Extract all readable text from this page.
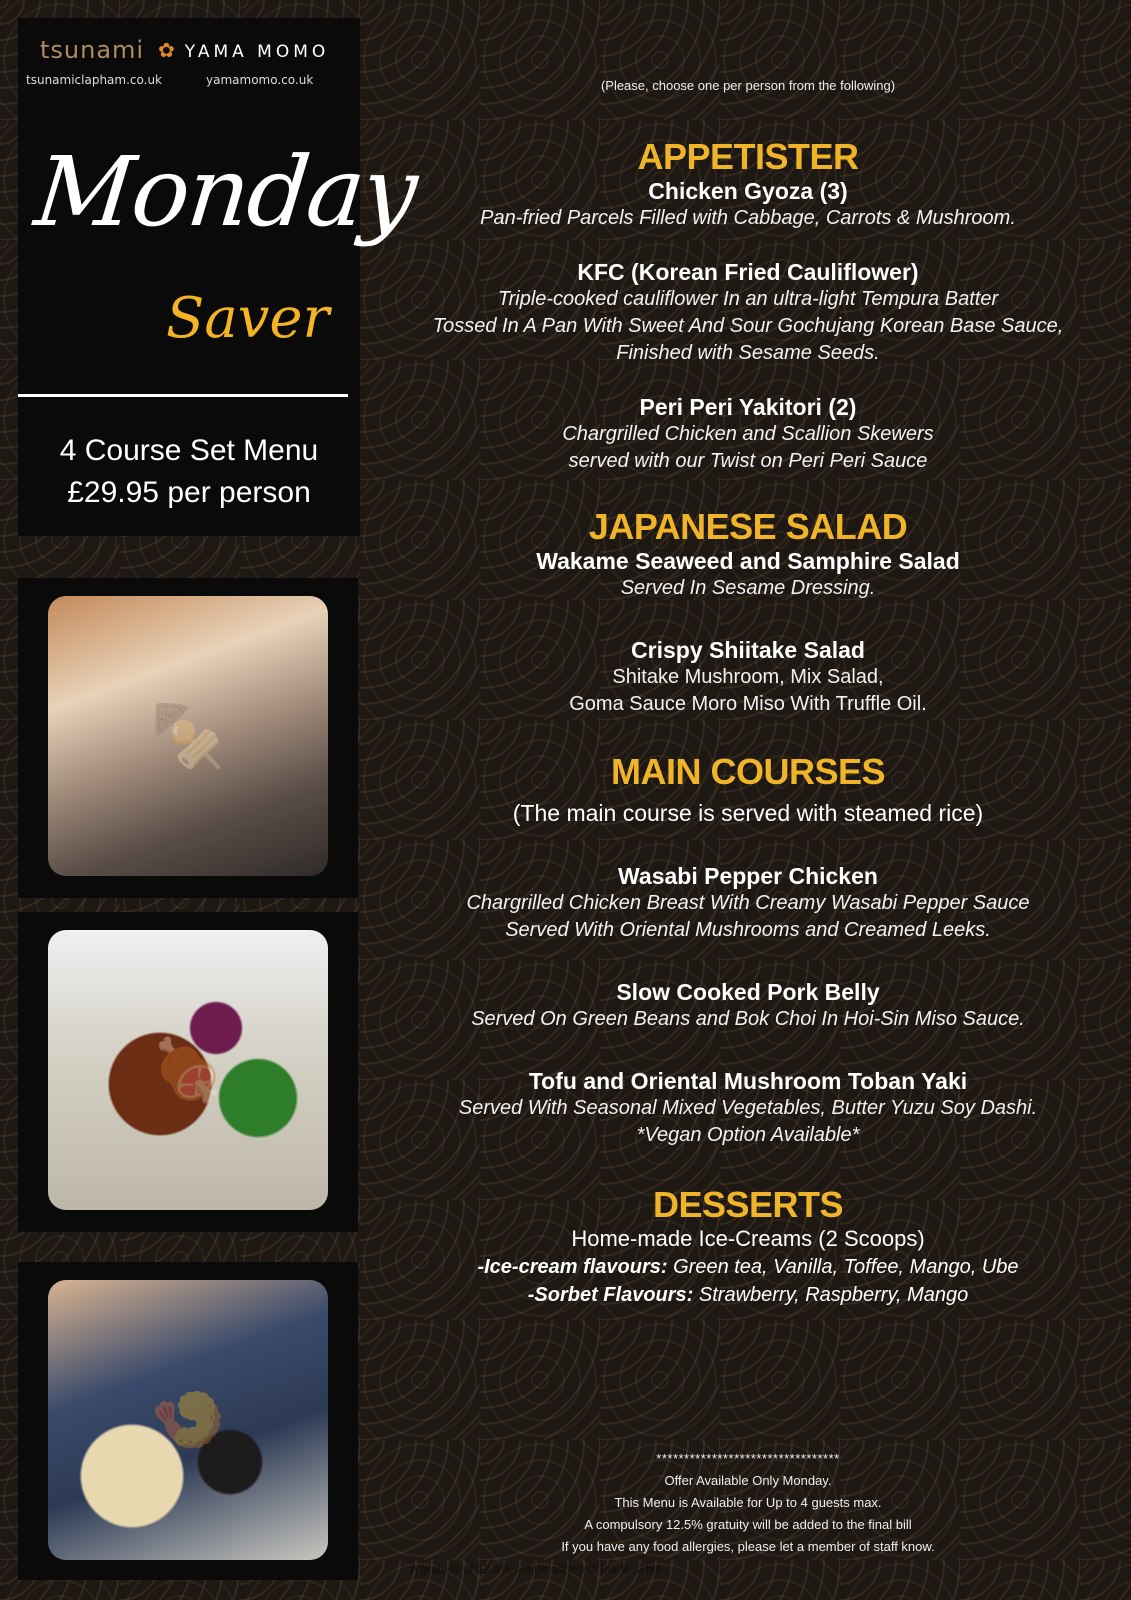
tsunami ✿ YAMA MOMO
tsunamiclapham.co.uk	yamamomo.co.uk
Monday
Saver
4 Course Set Menu
£29.95 per person
🍢
🍖
🍤
(Please, choose one per person from the following)
APPETISTER
Chicken Gyoza (3)
Pan-fried Parcels Filled with Cabbage, Carrots & Mushroom.
KFC (Korean Fried Cauliflower)
Triple-cooked cauliflower In an ultra-light Tempura Batter
Tossed In A Pan With Sweet And Sour Gochujang Korean Base Sauce,
Finished with Sesame Seeds.
Peri Peri Yakitori (2)
Chargrilled Chicken and Scallion Skewers
served with our Twist on Peri Peri Sauce
JAPANESE SALAD
Wakame Seaweed and Samphire Salad
Served In Sesame Dressing.
Crispy Shiitake Salad
Shitake Mushroom, Mix Salad,
Goma Sauce Moro Miso With Truffle Oil.
MAIN COURSES
(The main course is served with steamed rice)
Wasabi Pepper Chicken
Chargrilled Chicken Breast With Creamy Wasabi Pepper Sauce
Served With Oriental Mushrooms and Creamed Leeks.
Slow Cooked Pork Belly
Served On Green Beans and Bok Choi In Hoi-Sin Miso Sauce.
Tofu and Oriental Mushroom Toban Yaki
Served With Seasonal Mixed Vegetables, Butter Yuzu Soy Dashi.
*Vegan Option Available*
DESSERTS
Home-made Ice-Creams (2 Scoops)
-Ice-cream flavours: Green tea, Vanilla, Toffee, Mango, Ube
-Sorbet Flavours: Strawberry, Raspberry, Mango
*********************************
Offer Available Only Monday.
This Menu is Available for Up to 4 guests max.
A compulsory 12.5% gratuity will be added to the final bill
If you have any food allergies, please let a member of staff know.
A gratuity of 12.5% will be added to the final bill
